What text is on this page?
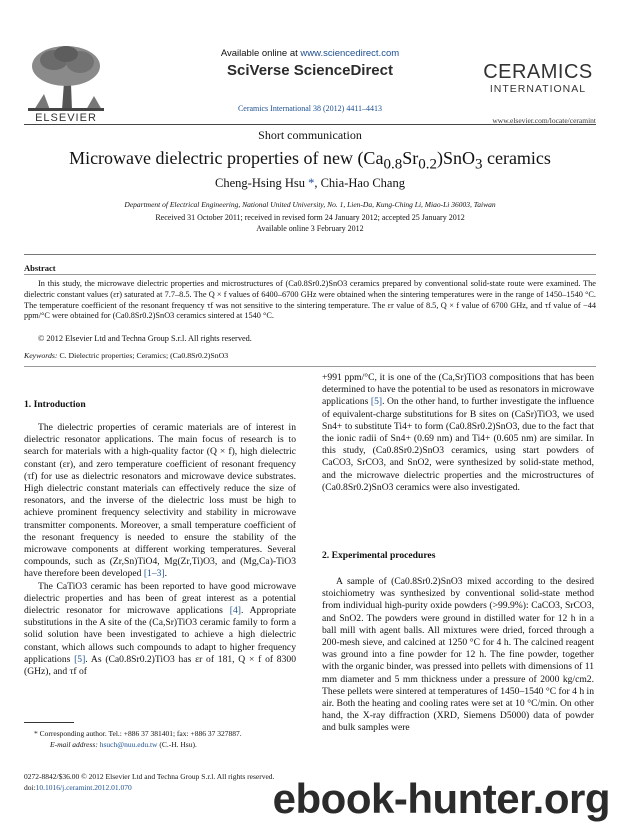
ELSEVIER
Available online at www.sciencedirect.com
SciVerse ScienceDirect
Ceramics International 38 (2012) 4411–4413
CERAMICS
INTERNATIONAL
www.elsevier.com/locate/ceramint
Short communication
Microwave dielectric properties of new $(Ca_{0.8}Sr_{0.2})SnO_3$ ceramics
Cheng-Hsing Hsu *, Chia-Hao Chang
Department of Electrical Engineering, National United University, No. 1, Lien-Da, Kung-Ching Li, Miao-Li 36003, Taiwan
Received 31 October 2011; received in revised form 24 January 2012; accepted 25 January 2012
Available online 3 February 2012
Abstract
In this study, the microwave dielectric properties and microstructures of (Ca0.8Sr0.2)SnO3 ceramics prepared by conventional solid-state route were examined. The dielectric constant values (εr) saturated at 7.7–8.5. The Q × f values of 6400–6700 GHz were obtained when the sintering temperatures were in the range of 1450–1540 °C. The temperature coefficient of the resonant frequency τf was not sensitive to the sintering temperature. The εr value of 8.5, Q × f value of 6700 GHz, and τf value of −44 ppm/°C were obtained for (Ca0.8Sr0.2)SnO3 ceramics sintered at 1540 °C.
© 2012 Elsevier Ltd and Techna Group S.r.l. All rights reserved.
Keywords: C. Dielectric properties; Ceramics; (Ca0.8Sr0.2)SnO3
1. Introduction

The dielectric properties of ceramic materials are of interest in dielectric resonator applications. The main focus of research is to search for materials with a high-quality factor (Q × f), high dielectric constant (εr), and zero temperature coefficient of resonant frequency (τf) for use as dielectric resonators and microwave device substrates. High dielectric constant materials can effectively reduce the size of resonators, and the inverse of the dielectric loss must be high to achieve prominent frequency selectivity and stability in microwave transmitter components. Moreover, a small temperature coefficient of the resonant frequency is needed to ensure the stability of the microwave components at different working temperatures. Several compounds, such as (Zr,Sn)TiO4, Mg(Zr,Ti)O3, and (Mg,Ca)-TiO3 have therefore been developed [1–3].

The CaTiO3 ceramic has been reported to have good microwave dielectric properties and has been of great interest as a potential dielectric resonator for microwave applications [4]. Appropriate substitutions in the A site of the (Ca,Sr)TiO3 ceramic family to form a solid solution have been investigated to achieve a high dielectric constant, which allows such compounds to adapt to higher frequency applications [5]. As (Ca0.8Sr0.2)TiO3 has εr of 181, Q × f of 8300 (GHz), and τf of

+991 ppm/°C, it is one of the (Ca,Sr)TiO3 compositions that has been determined to have the potential to be used as resonators in microwave applications [5]. On the other hand, to further investigate the influence of equivalent-charge substitutions for B sites on (CaSr)TiO3, we used Sn4+ to substitute Ti4+ to form (Ca0.8Sr0.2)SnO3, due to the fact that the ionic radii of Sn4+ (0.69 nm) and Ti4+ (0.605 nm) are similar. In this study, (Ca0.8Sr0.2)SnO3 ceramics, using start powders of CaCO3, SrCO3, and SnO2, were synthesized by solid-state method, and the microwave dielectric properties and the microstructures of (Ca0.8Sr0.2)SnO3 ceramics were also investigated.

2. Experimental procedures

A sample of (Ca0.8Sr0.2)SnO3 mixed according to the desired stoichiometry was synthesized by conventional solid-state method from individual high-purity oxide powders (>99.9%): CaCO3, SrCO3, and SnO2. The powders were ground in distilled water for 12 h in a ball mill with agent balls. All mixtures were dried, forced through a 200-mesh sieve, and calcined at 1250 °C for 4 h. The calcined reagent was ground into a fine powder for 12 h. The fine powder, together with the organic binder, was pressed into pellets with dimensions of 11 mm diameter and 5 mm thickness under a pressure of 2000 kg/cm2. These pellets were sintered at temperatures of 1450–1540 °C for 4 h in air. Both the heating and cooling rates were set at 10 °C/min. On other hand, the X-ray diffraction (XRD, Siemens D5000) data of powder and bulk samples were

* Corresponding author. Tel.: +886 37 381401; fax: +886 37 327887.
E-mail address: hsuch@nuu.edu.tw (C.-H. Hsu).
0272-8842/$36.00 © 2012 Elsevier Ltd and Techna Group S.r.l. All rights reserved.
doi:10.1016/j.ceramint.2012.01.070	ebook-hunter.org
